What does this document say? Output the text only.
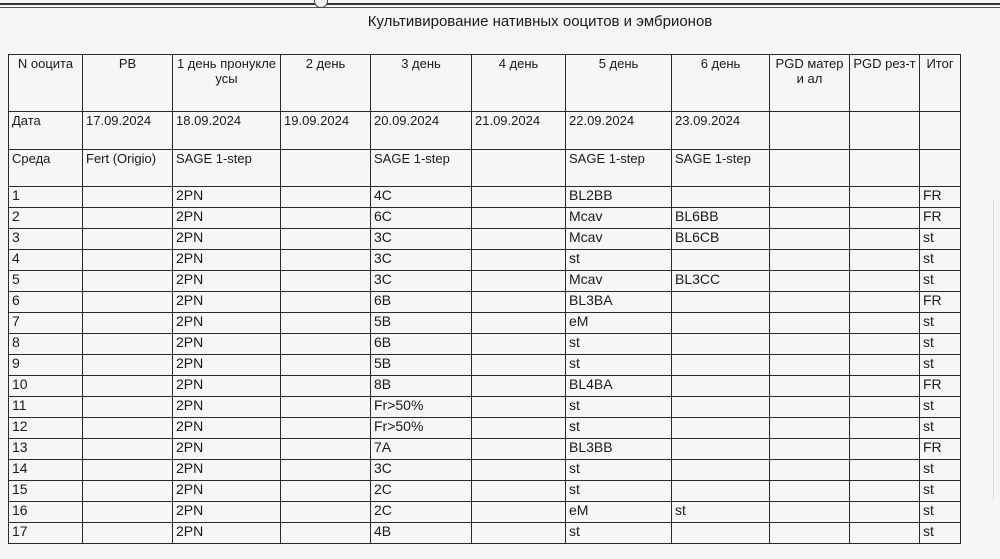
Культивирование нативных ооцитов и эмбрионов
N ооцита	РВ	1 день пронуклеусы	2 день	3 день	4 день	5 день	6 день	PGD матери ал	PGD рез-т	Итог
Дата	17.09.2024	18.09.2024	19.09.2024	20.09.2024	21.09.2024	22.09.2024	23.09.2024			
Среда	Fert (Origio)	SAGE 1-step		SAGE 1-step		SAGE 1-step	SAGE 1-step			
1		2PN		4C		BL2BB				FR
2		2PN		6C		Mcav	BL6BB			FR
3		2PN		3C		Mcav	BL6CB			st
4		2PN		3C		st				st
5		2PN		3C		Mcav	BL3CC			st
6		2PN		6B		BL3BA				FR
7		2PN		5B		eM				st
8		2PN		6B		st				st
9		2PN		5B		st				st
10		2PN		8B		BL4BA				FR
11		2PN		Fr>50%		st				st
12		2PN		Fr>50%		st				st
13		2PN		7A		BL3BB				FR
14		2PN		3C		st				st
15		2PN		2C		st				st
16		2PN		2C		eM	st			st
17		2PN		4B		st				st
